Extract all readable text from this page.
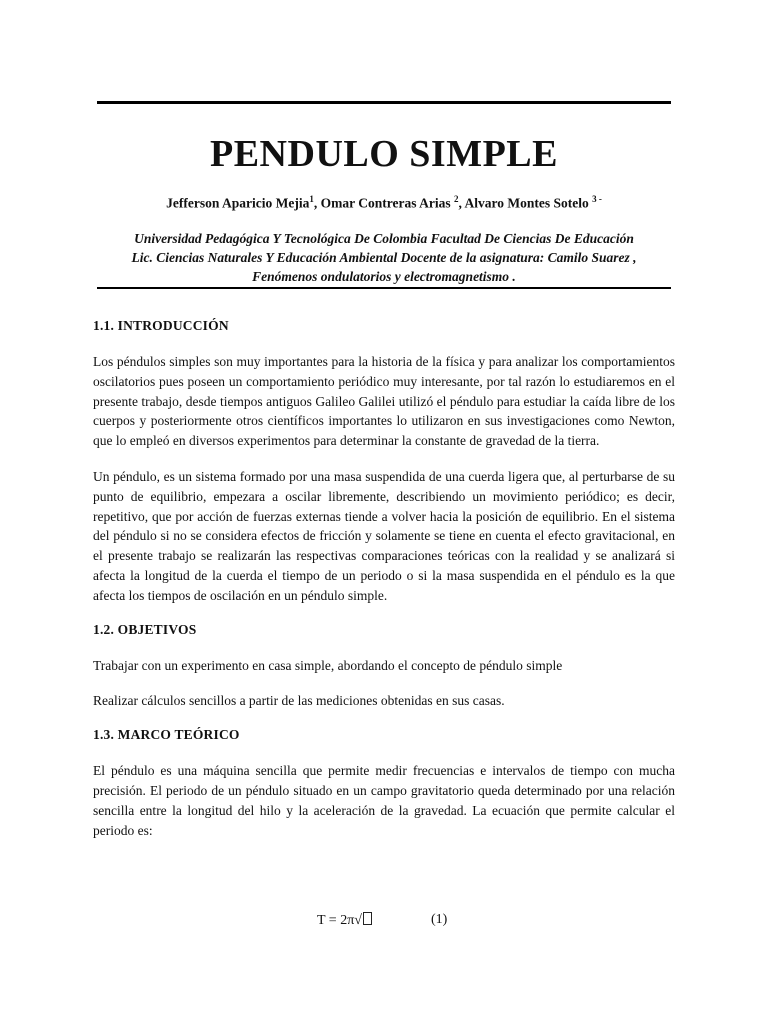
PENDULO SIMPLE
Jefferson Aparicio Mejia$^1$, Omar Contreras Arias $^2$, Alvaro Montes Sotelo $^{3 -}$
Universidad Pedagógica Y Tecnológica De Colombia Facultad De Ciencias De Educación
Lic. Ciencias Naturales Y Educación Ambiental Docente de la asignatura: Camilo Suarez ,
Fenómenos ondulatorios y electromagnetismo .
1.1. INTRODUCCIÓN

Los péndulos simples son muy importantes para la historia de la física y para analizar los comportamientos oscilatorios pues poseen un comportamiento periódico muy interesante, por tal razón lo estudiaremos en el presente trabajo, desde tiempos antiguos Galileo Galilei utilizó el péndulo para estudiar la caída libre de los cuerpos y posteriormente otros científicos importantes lo utilizaron en sus investigaciones como Newton, que lo empleó en diversos experimentos para determinar la constante de gravedad de la tierra.

Un péndulo, es un sistema formado por una masa suspendida de una cuerda ligera que, al perturbarse de su punto de equilibrio, empezara a oscilar libremente, describiendo un movimiento periódico; es decir, repetitivo, que por acción de fuerzas externas tiende a volver hacia la posición de equilibrio. En el sistema del péndulo si no se considera efectos de fricción y solamente se tiene en cuenta el efecto gravitacional, en el presente trabajo se realizarán las respectivas comparaciones teóricas con la realidad y se analizará si afecta la longitud de la cuerda el tiempo de un periodo o si la masa suspendida en el péndulo es la que afecta los tiempos de oscilación en un péndulo simple.

1.2. OBJETIVOS

Trabajar con un experimento en casa simple, abordando el concepto de péndulo simple

Realizar cálculos sencillos a partir de las mediciones obtenidas en sus casas.

1.3. MARCO TEÓRICO

El péndulo es una máquina sencilla que permite medir frecuencias e intervalos de tiempo con mucha precisión. El periodo de un péndulo situado en un campo gravitatorio queda determinado por una relación sencilla entre la longitud del hilo y la aceleración de la gravedad. La ecuación que permite calcular el periodo es:

T = 2π√	(1)
